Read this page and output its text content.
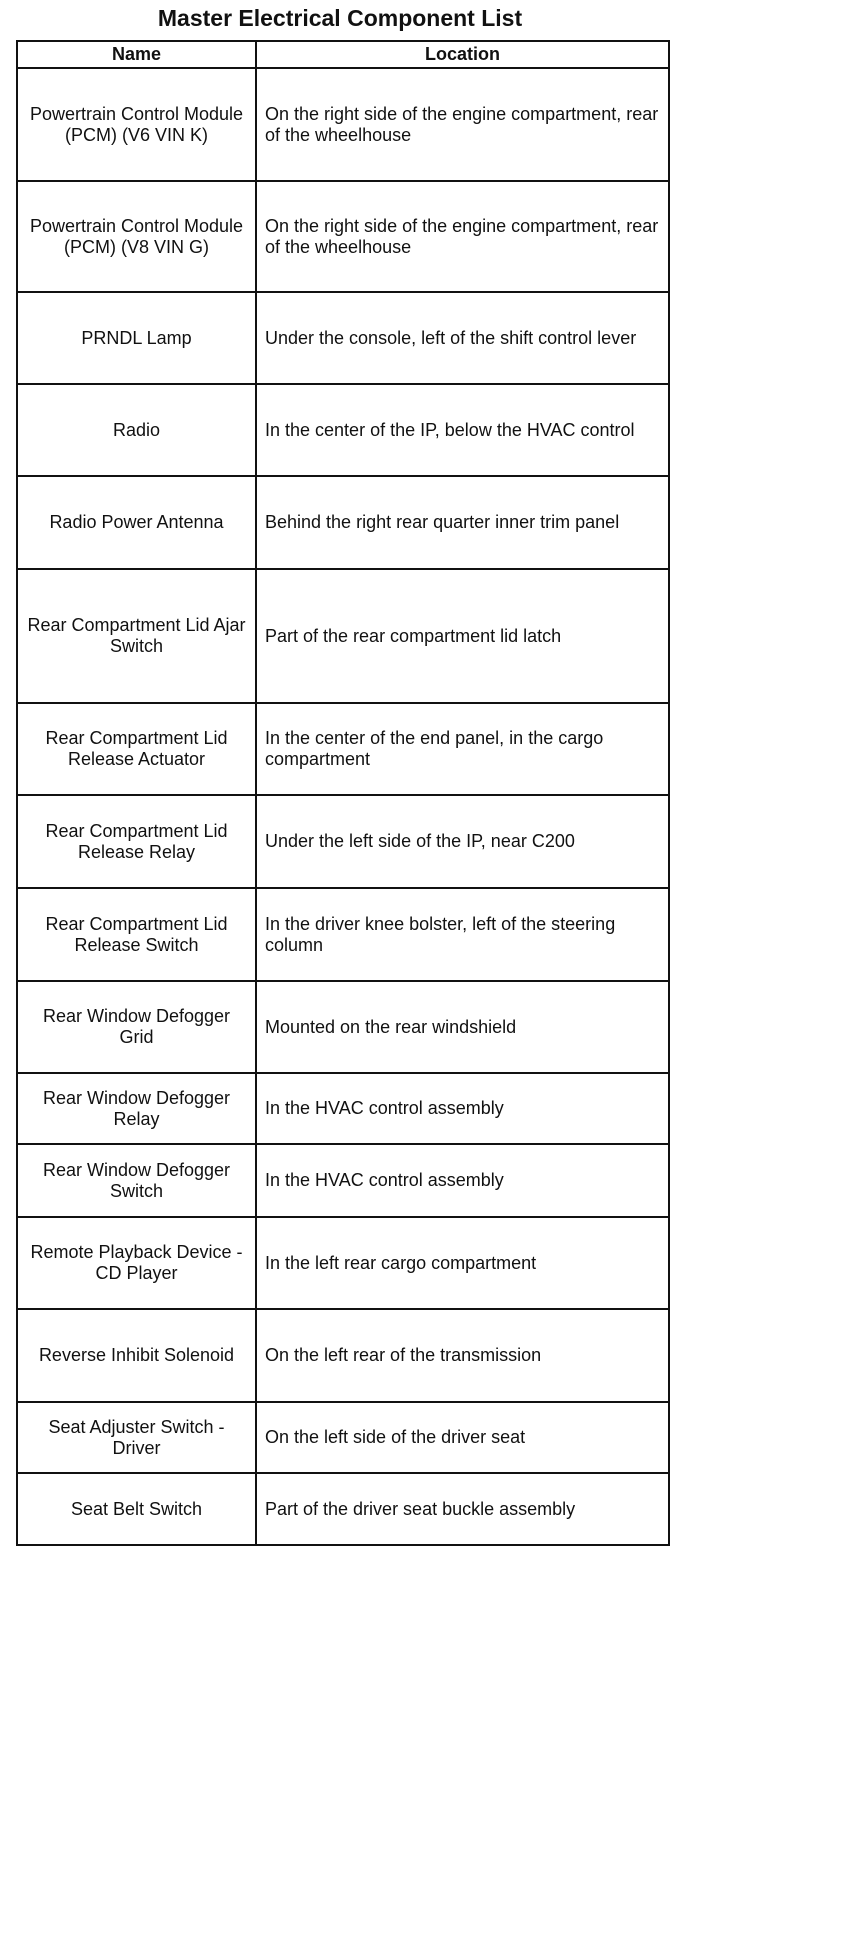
Master Electrical Component List
Name	Location
Powertrain Control Module (PCM) (V6 VIN K)	On the right side of the engine compartment, rear of the wheelhouse
Powertrain Control Module (PCM) (V8 VIN G)	On the right side of the engine compartment, rear of the wheelhouse
PRNDL Lamp	Under the console, left of the shift control lever
Radio	In the center of the IP, below the HVAC control
Radio Power Antenna	Behind the right rear quarter inner trim panel
Rear Compartment Lid Ajar Switch	Part of the rear compartment lid latch
Rear Compartment Lid Release Actuator	In the center of the end panel, in the cargo compartment
Rear Compartment Lid Release Relay	Under the left side of the IP, near C200
Rear Compartment Lid Release Switch	In the driver knee bolster, left of the steering column
Rear Window Defogger Grid	Mounted on the rear windshield
Rear Window Defogger Relay	In the HVAC control assembly
Rear Window Defogger Switch	In the HVAC control assembly
Remote Playback Device - CD Player	In the left rear cargo compartment
Reverse Inhibit Solenoid	On the left rear of the transmission
Seat Adjuster Switch - Driver	On the left side of the driver seat
Seat Belt Switch	Part of the driver seat buckle assembly
